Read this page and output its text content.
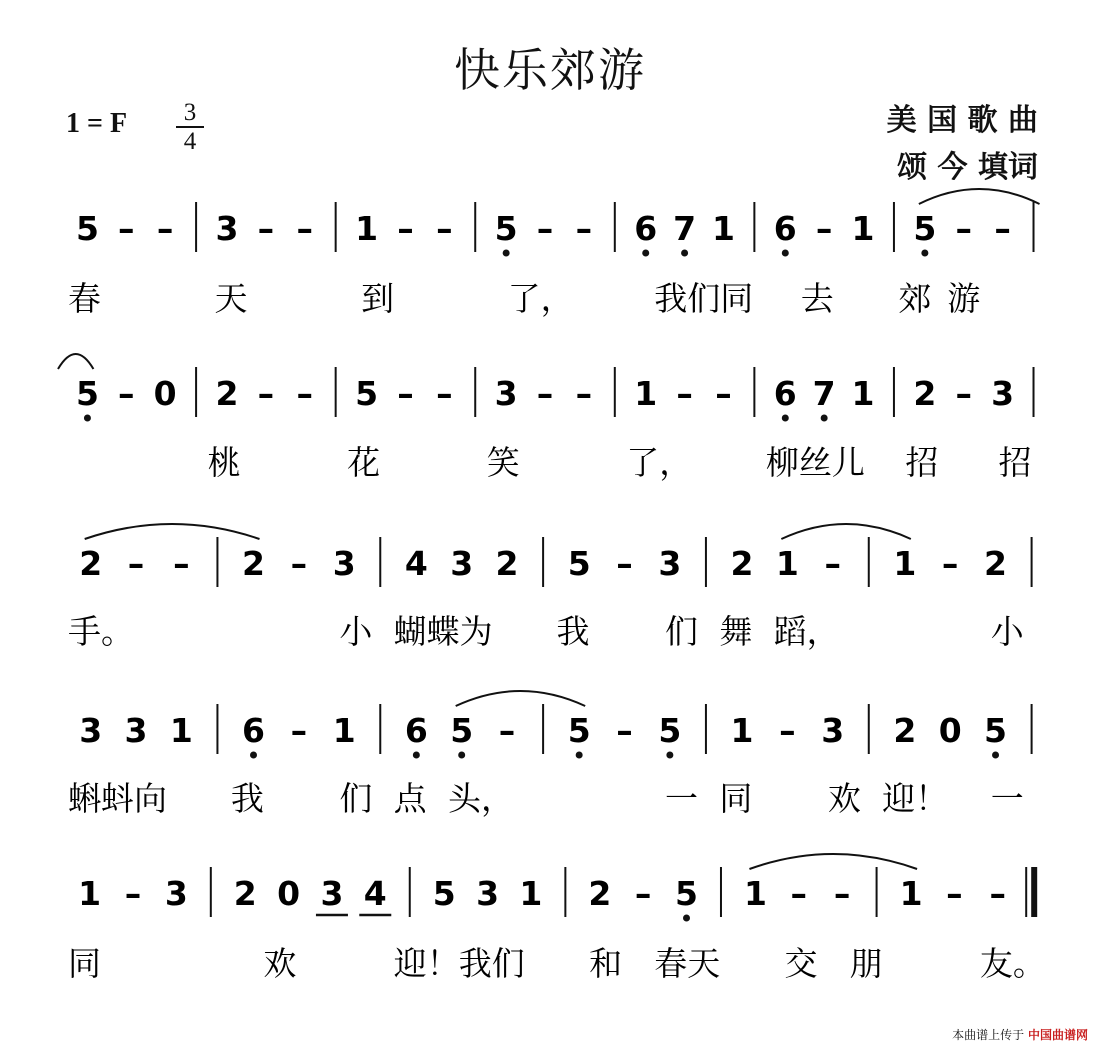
快乐郊游
1 = F	3
4
美 国 歌 曲
颂 今 填词
5 – – 3 – – 1 – – 5 – – 6 7 1 6 – 1 5 – –
春	天	到	了， 我们同 去 郊 游
5 – 0 2 – – 5 – – 3 – – 1 – – 6 7 1 2 – 3
桃	花	笑	了， 柳丝儿 招 招
2 – – 2 – 3 4 3 2 5 – 3 2 1 – 1 – 2
手。	小 蝴蝶为 我 们 舞 蹈，	小
3 3 1 6 – 1 6 5 – 5 – 5 1 – 3 2 0 5
蝌蚪向 我 们 点 头，	一 同 欢 迎！ 一
1 – 3 2 0 3 4 5 3 1 2 – 5 1 – – 1 – –
同	欢	迎！ 我们 和 春天 交 朋	友。
本曲谱上传于 中国曲谱网
